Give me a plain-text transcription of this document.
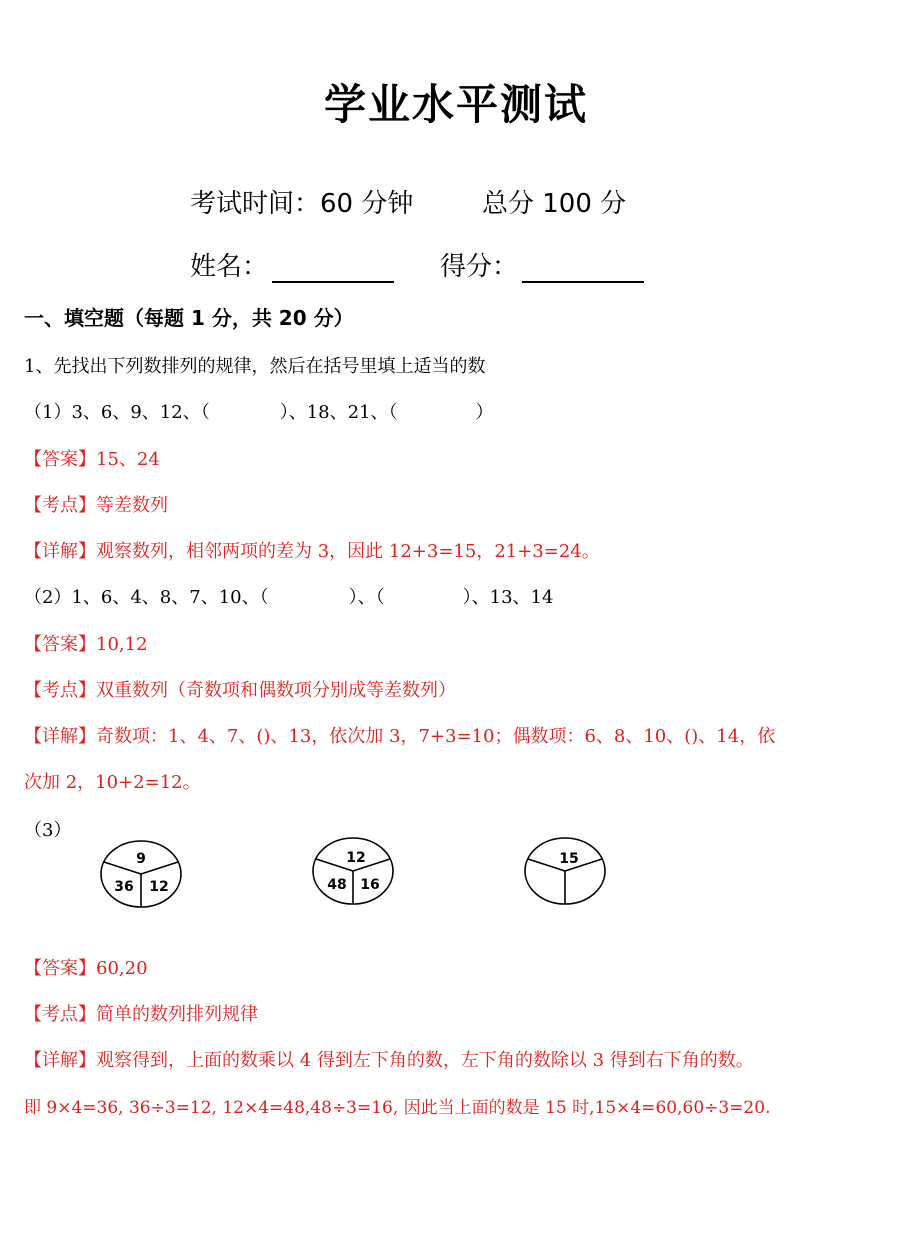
学业水平测试
考试时间：60 分钟	总分 100 分
姓名：	得分：
一、填空题（每题 1 分，共 20 分）
1、先找出下列数排列的规律，然后在括号里填上适当的数
（1）3、6、9、12、（	）、18、21、（	）
【答案】15、24
【考点】等差数列
【详解】观察数列，相邻两项的差为 3，因此 12+3=15，21+3=24。
（2）1、6、4、8、7、10、（	）、（	）、13、14
【答案】10,12
【考点】双重数列（奇数项和偶数项分别成等差数列）
【详解】奇数项：1、4、7、()、13，依次加 3，7+3=10；偶数项：6、8、10、()、14，依
次加 2，10+2=12。
（3）
9
36 12
12
48 16
15
【答案】60,20
【考点】简单的数列排列规律
【详解】观察得到，上面的数乘以 4 得到左下角的数，左下角的数除以 3 得到右下角的数。
即 9×4=36, 36÷3=12, 12×4=48,48÷3=16, 因此当上面的数是 15 时,15×4=60,60÷3=20.
